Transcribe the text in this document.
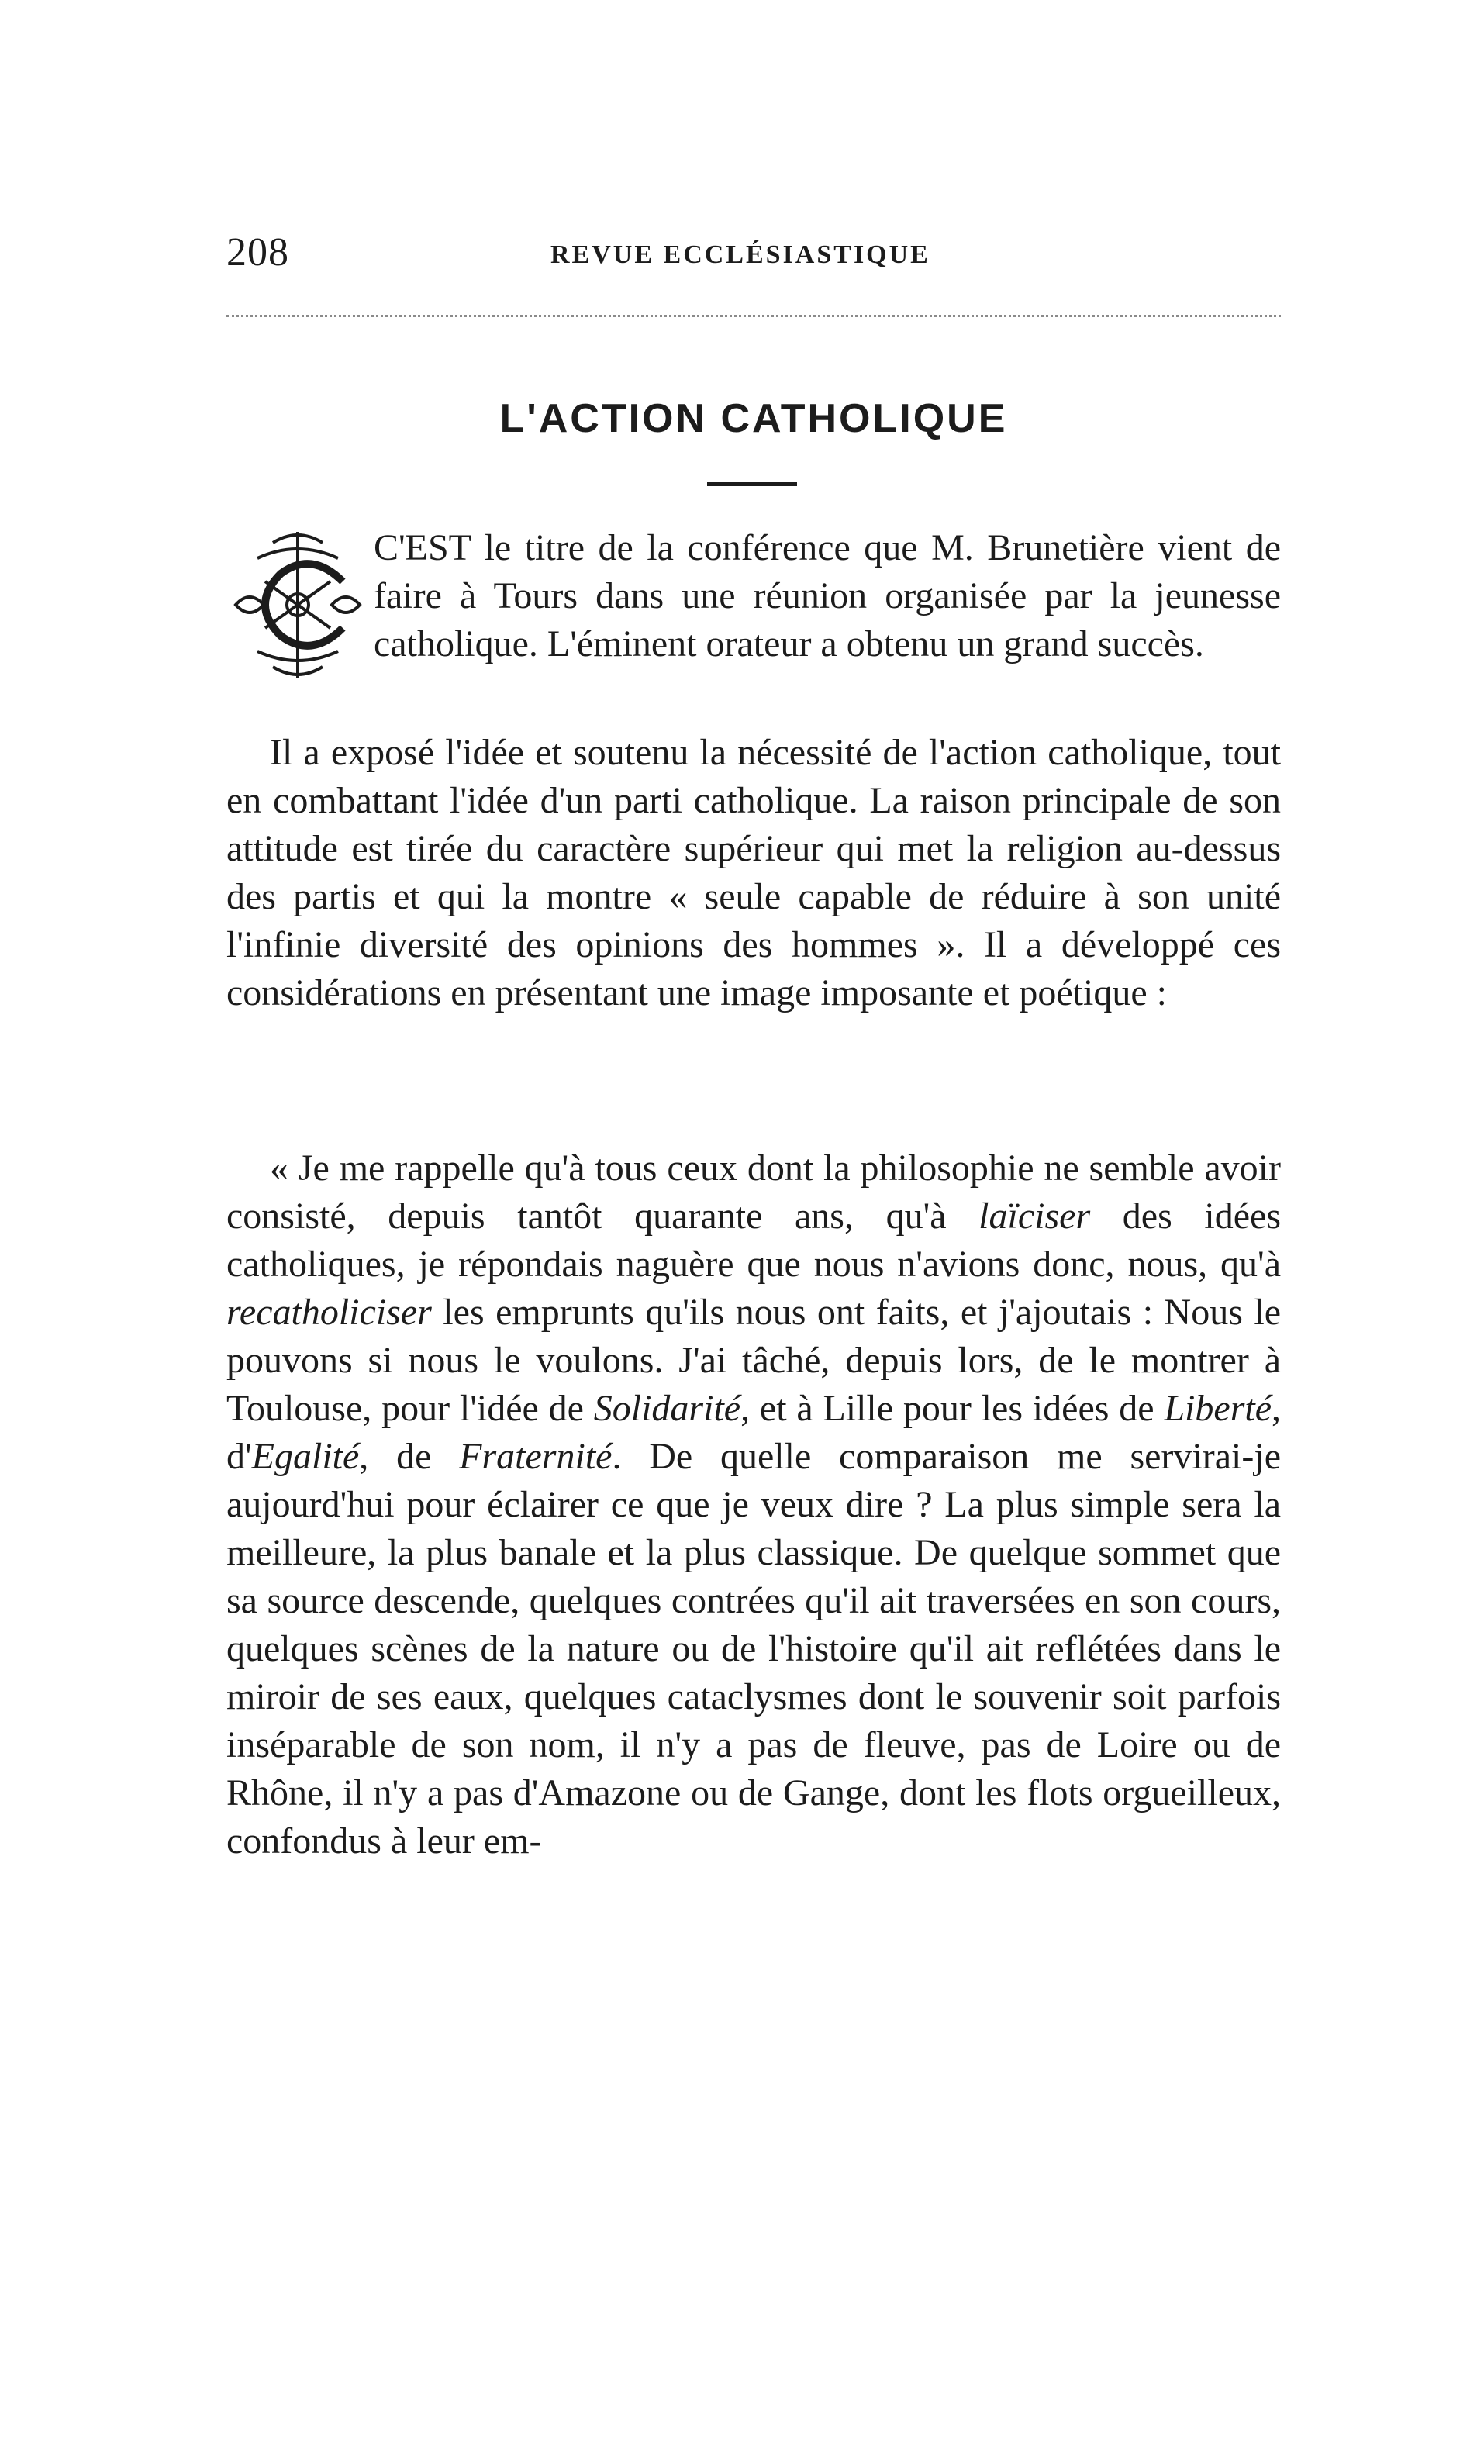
208	REVUE ECCLÉSIASTIQUE
L'ACTION CATHOLIQUE

C'EST le titre de la conférence que M. Brunetière vient de faire à Tours dans une réunion organisée par la jeunesse catholique. L'éminent orateur a obtenu un grand succès.

Il a exposé l'idée et soutenu la nécessité de l'action catholique, tout en combattant l'idée d'un parti catholique. La raison principale de son attitude est tirée du caractère supérieur qui met la religion au-dessus des partis et qui la montre « seule capable de réduire à son unité l'infinie diversité des opinions des hommes ». Il a développé ces considérations en présentant une image imposante et poétique :

« Je me rappelle qu'à tous ceux dont la philosophie ne semble avoir consisté, depuis tantôt quarante ans, qu'à laïciser des idées catholiques, je répondais naguère que nous n'avions donc, nous, qu'à recatholiciser les emprunts qu'ils nous ont faits, et j'ajoutais : Nous le pouvons si nous le voulons. J'ai tâché, depuis lors, de le montrer à Toulouse, pour l'idée de Solidarité, et à Lille pour les idées de Liberté, d'Egalité, de Fraternité. De quelle comparaison me servirai-je aujourd'hui pour éclairer ce que je veux dire ? La plus simple sera la meilleure, la plus banale et la plus classique. De quelque sommet que sa source descende, quelques contrées qu'il ait traversées en son cours, quelques scènes de la nature ou de l'histoire qu'il ait reflétées dans le miroir de ses eaux, quelques cataclysmes dont le souvenir soit parfois inséparable de son nom, il n'y a pas de fleuve, pas de Loire ou de Rhône, il n'y a pas d'Amazone ou de Gange, dont les flots orgueilleux, confondus à leur em-
